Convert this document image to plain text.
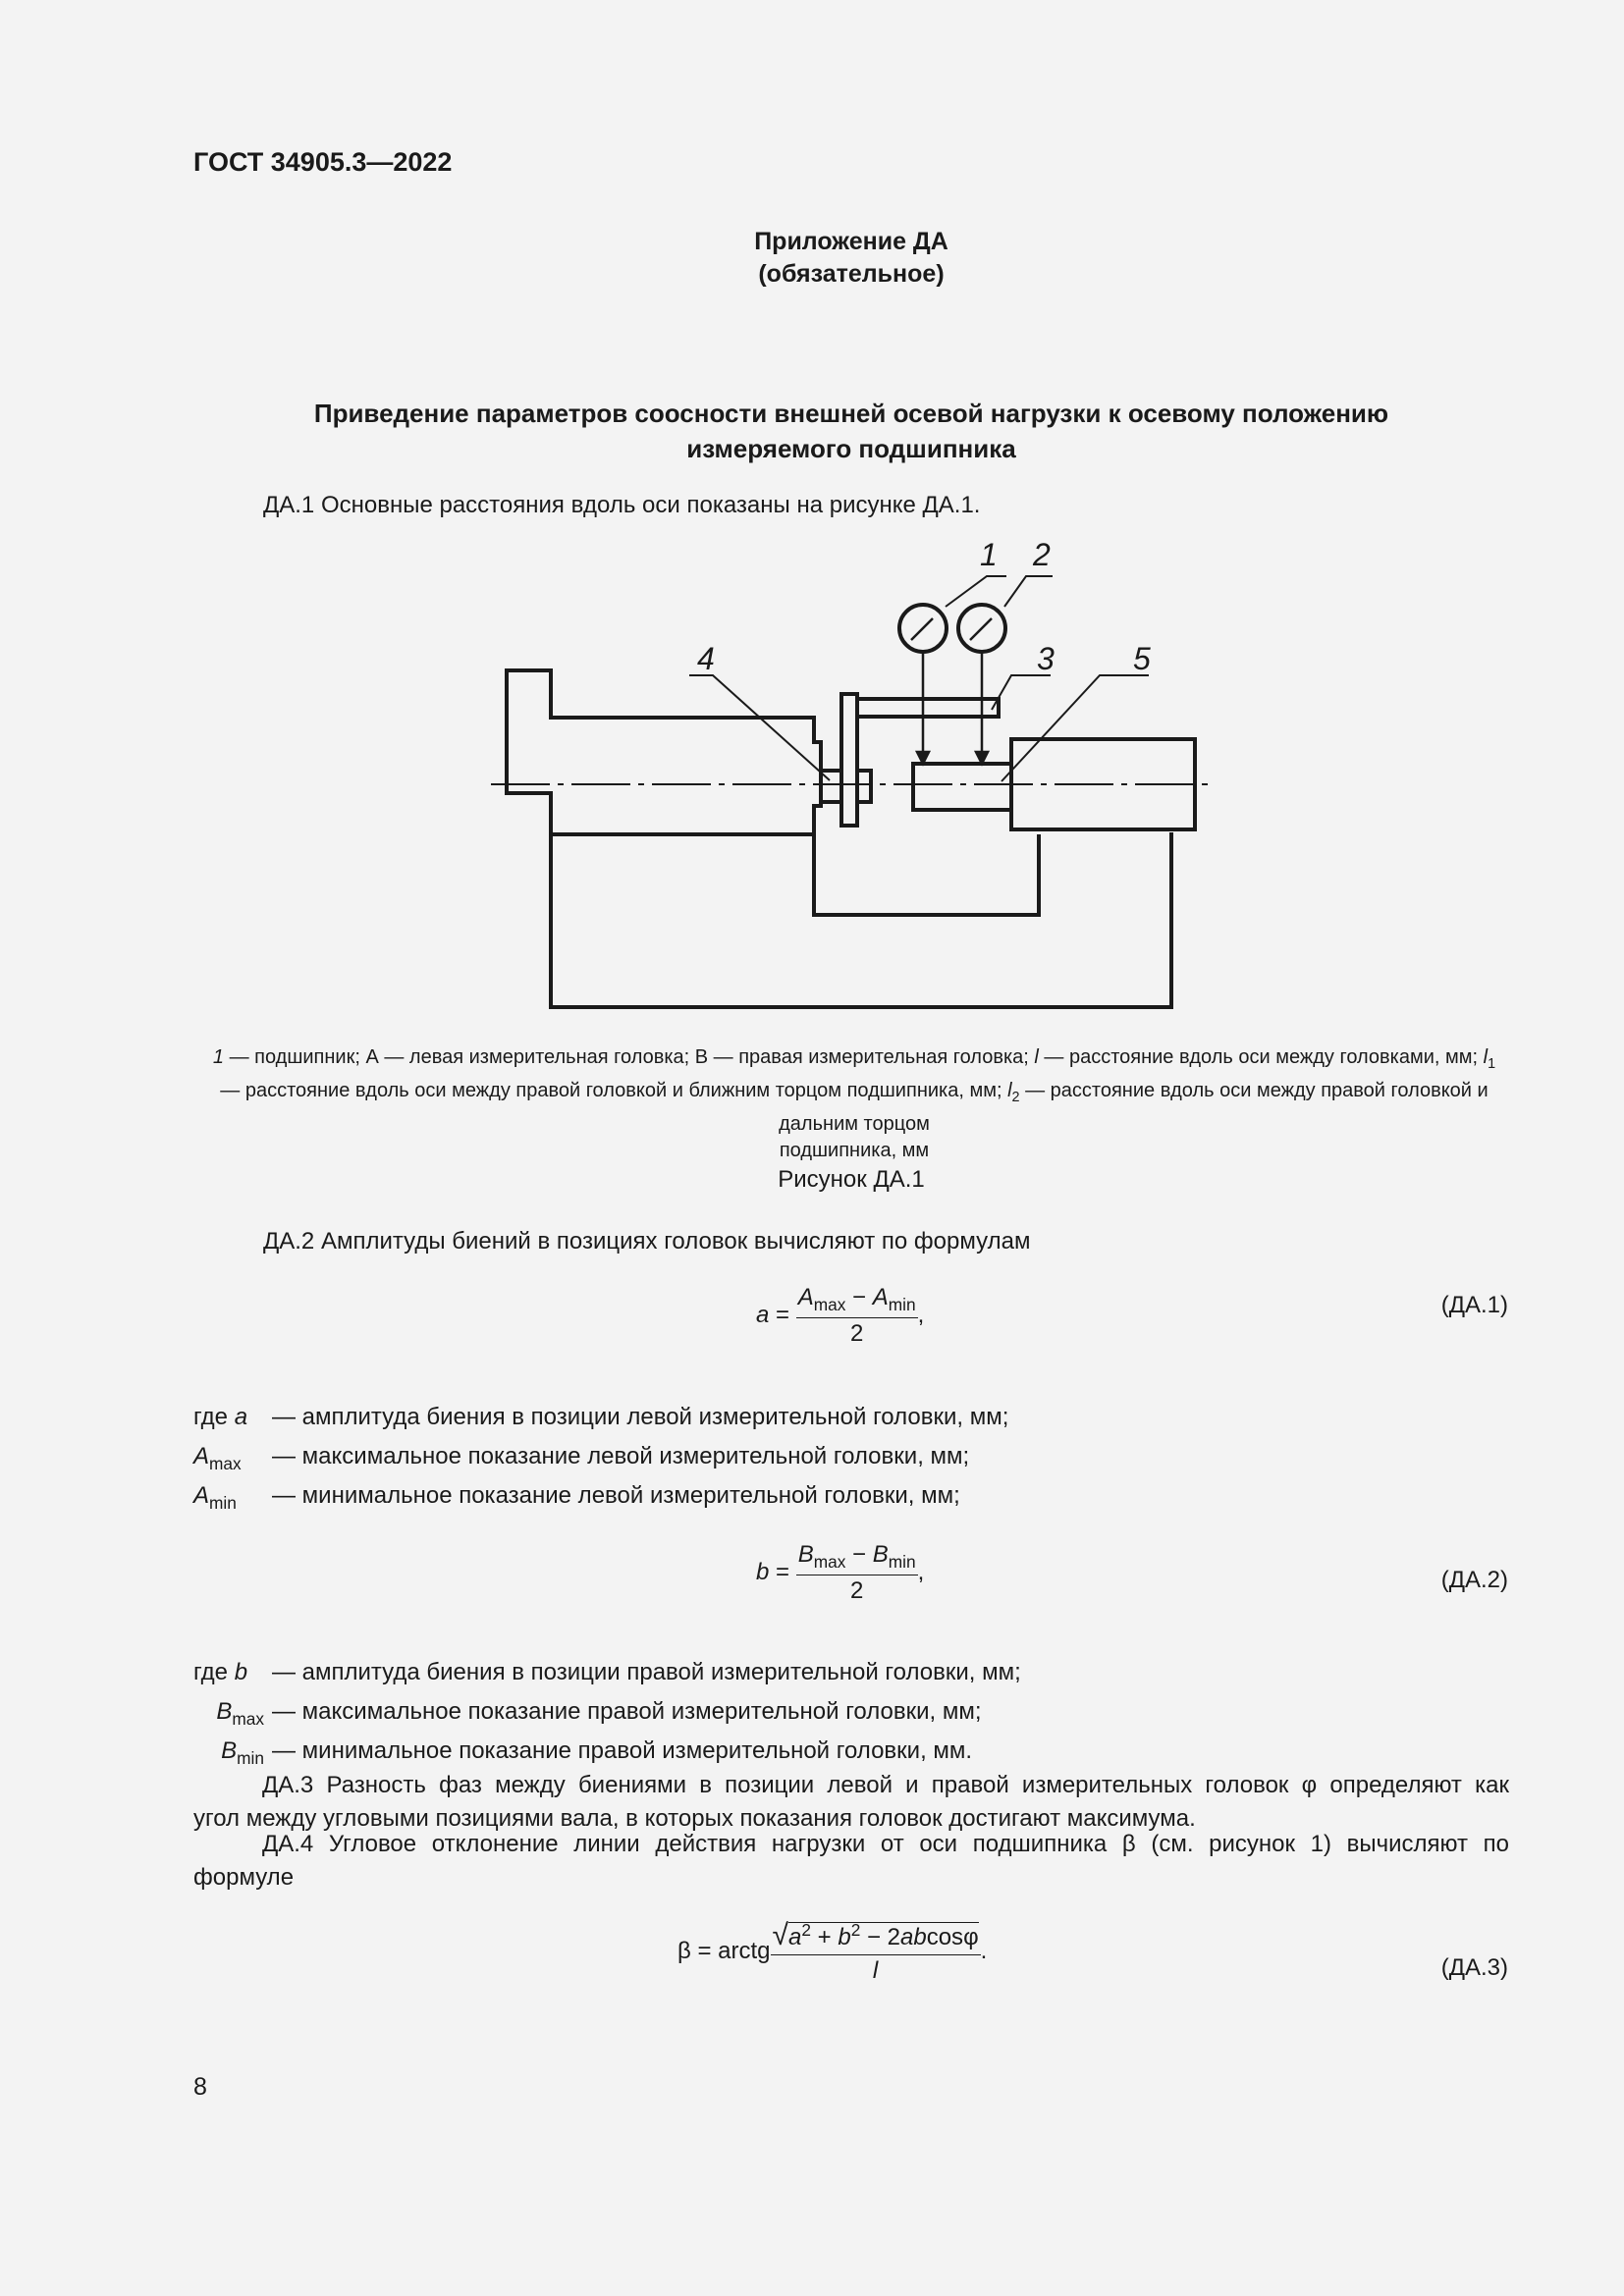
ГОСТ 34905.3—2022
Приложение ДА
(обязательное)
Приведение параметров соосности внешней осевой нагрузки к осевому положению
измеряемого подшипника
ДА.1 Основные расстояния вдоль оси показаны на рисунке ДА.1.
1 2
3
4	5
1 — подшипник; А — левая измерительная головка; В — правая измерительная головка; l — расстояние вдоль оси между головками, мм; $l_1$ — расстояние вдоль оси между правой головкой и ближним торцом подшипника, мм; $l_2$ — расстояние вдоль оси между правой головкой и дальним торцом
подшипника, мм
Рисунок ДА.1
ДА.2 Амплитуды биений в позициях головок вычисляют по формулам
$a = \frac{A_{max} - A_{min}}{2}$ ,	(ДА.1)
где a — амплитуда биения в позиции левой измерительной головки, мм;
$A_{max}$ — максимальное показание левой измерительной головки, мм;
$A_{min}$ — минимальное показание левой измерительной головки, мм;
$b = \frac{B_{max} - B_{min}}{2}$ ,	(ДА.2)
где b — амплитуда биения в позиции правой измерительной головки, мм;
$B_{max}$ — максимальное показание правой измерительной головки, мм;
$B_{min}$ — минимальное показание правой измерительной головки, мм.
ДА.3 Разность фаз между биениями в позиции левой и правой измерительных головок φ определяют как
угол между угловыми позициями вала, в которых показания головок достигают максимума.
ДА.4 Угловое отклонение линии действия нагрузки от оси подшипника β (см. рисунок 1) вычисляют по
формуле
β = arctg $\frac{√a^2 + b^2 - 2abcos\varphi}{l}$ .
(ДА.3)
8
